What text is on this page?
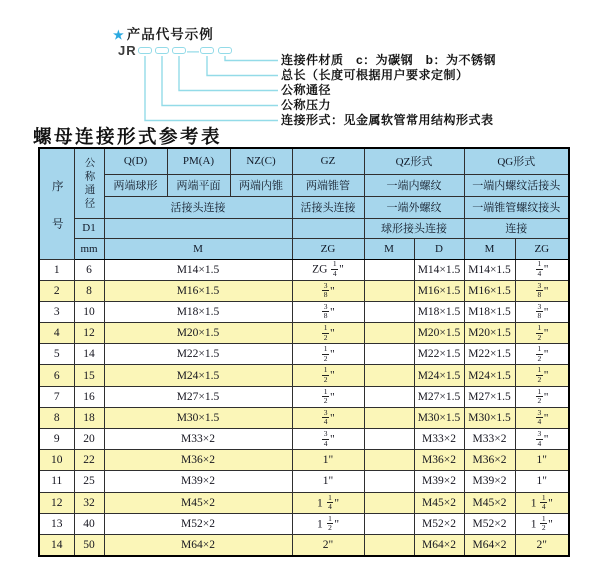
★ 产品代号示例
JR	—
连接件材质　c：为碳钢　b：为不锈钢
总长（长度可根据用户要求定制）
公称通径
公称压力
连接形式：见金属软管常用结构形式表
螺母连接形式参考表
序号	公称通径	Q(D)	PM(A)	NZ(C)	GZ	QZ形式		QG形式	
		两端球形	两端平面	两端内锥	两端锥管	一端内螺纹		一端内螺纹活接头	
		活接头连接			活接头连接	一端外螺纹		一端锥管螺纹接头	
	D1					球形接头连接		连接	
	mm	M			ZG	M	D	M	ZG
1	6	M14×1.5			ZG $\frac{1}{4}$ "		M14×1.5	M14×1.5	$\frac{1}{4}$ "
2	8	M16×1.5			$\frac{3}{8}$ "		M16×1.5	M16×1.5	$\frac{3}{8}$ "
3	10	M18×1.5			$\frac{3}{8}$ "		M18×1.5	M18×1.5	$\frac{3}{8}$ "
4	12	M20×1.5			$\frac{1}{2}$ "		M20×1.5	M20×1.5	$\frac{1}{2}$ "
5	14	M22×1.5			$\frac{1}{2}$ "		M22×1.5	M22×1.5	$\frac{1}{2}$ "
6	15	M24×1.5			$\frac{1}{2}$ "		M24×1.5	M24×1.5	$\frac{1}{2}$ "
7	16	M27×1.5			$\frac{1}{2}$ "		M27×1.5	M27×1.5	$\frac{1}{2}$ "
8	18	M30×1.5			$\frac{3}{4}$ "		M30×1.5	M30×1.5	$\frac{3}{4}$ "
9	20	M33×2			$\frac{3}{4}$ "		M33×2	M33×2	$\frac{3}{4}$ "
10	22	M36×2			1"		M36×2	M36×2	1"
11	25	M39×2			1"		M39×2	M39×2	1"
12	32	M45×2			$1 \frac{1}{4}$ "		M45×2	M45×2	$1 \frac{1}{4}$ "
13	40	M52×2			$1 \frac{1}{2}$ "		M52×2	M52×2	$1 \frac{1}{2}$ "
14	50	M64×2			2"		M64×2	M64×2	2"
